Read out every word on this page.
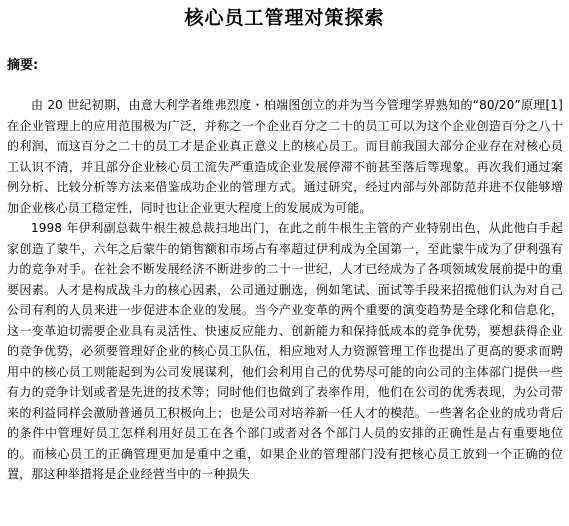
核心员工管理对策探索
摘要:

由 20 世纪初期，由意大利学者维弗烈度・柏端图创立的并为当今管理学界熟知的“80/20”原理[1]在企业管理上的应用范围极为广泛，并称之一个企业百分之二十的员工可以为这个企业创造百分之八十的利润，而这百分之二十的员工才是企业真正意义上的核心员工。而目前我国大部分企业存在对核心员工认识不清，并且部分企业核心员工流失严重造成企业发展停滞不前甚至落后等现象。再次我们通过案例分析、比较分析等方法来借鉴成功企业的管理方式。通过研究，经过内部与外部防范并进不仅能够增加企业核心员工稳定性，同时也让企业更大程度上的发展成为可能。

1998 年伊利副总裁牛根生被总裁扫地出门，在此之前牛根生主管的产业特别出色，从此他白手起家创造了蒙牛，六年之后蒙牛的销售额和市场占有率超过伊利成为全国第一，至此蒙牛成为了伊利强有力的竞争对手。在社会不断发展经济不断进步的二十一世纪，人才已经成为了各项领域发展前提中的重要因素。人才是构成战斗力的核心因素，公司通过删选，例如笔试、面试等手段来招揽他们认为对自己公司有利的人员来进一步促进本企业的发展。当今产业变革的两个重要的演变趋势是全球化和信息化，这一变革迫切需要企业具有灵活性、快速反应能力、创新能力和保持低成本的竞争优势，要想获得企业的竞争优势，必须要管理好企业的核心员工队伍，相应地对人力资源管理工作也提出了更高的要求而聘用中的核心员工则能起到为公司发展谋利，他们会利用自己的优势尽可能的向公司的主体部门提供一些有力的竞争计划或者是先进的技术等；同时他们也做到了表率作用，他们在公司的优秀表现，为公司带来的利益同样会激励普通员工积极向上；也是公司对培养新一任人才的模范。一些著名企业的成功背后的条件中管理好员工怎样利用好员工在各个部门或者对各个部门人员的安排的正确性是占有重要地位的。而核心员工的正确管理更加是重中之重，如果企业的管理部门没有把核心员工放到一个正确的位置，那这种举措将是企业经营当中的一种损失
